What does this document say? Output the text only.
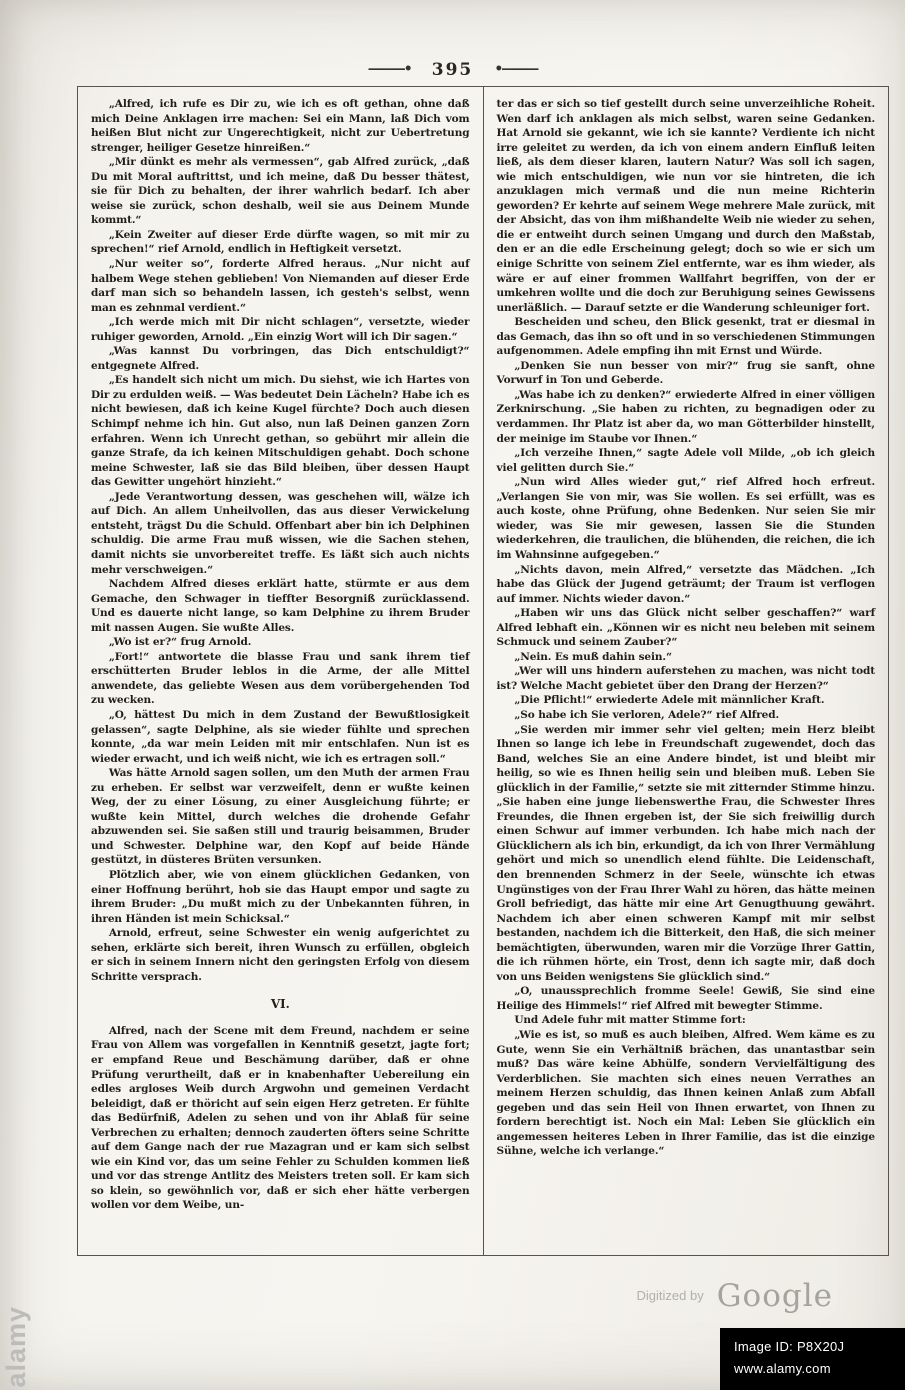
———• 395 •———

„Alfred, ich rufe es Dir zu, wie ich es oft gethan, ohne daß mich Deine Anklagen irre machen: Sei ein Mann, laß Dich vom heißen Blut nicht zur Ungerechtigkeit, nicht zur Uebertretung strenger, heiliger Gesetze hinreißen.“

„Mir dünkt es mehr als vermessen“, gab Alfred zurück, „daß Du mit Moral auftrittst, und ich meine, daß Du besser thätest, sie für Dich zu behalten, der ihrer wahrlich bedarf. Ich aber weise sie zurück, schon deshalb, weil sie aus Deinem Munde kommt.“

„Kein Zweiter auf dieser Erde dürfte wagen, so mit mir zu sprechen!“ rief Arnold, endlich in Heftigkeit versetzt.

„Nur weiter so“, forderte Alfred heraus. „Nur nicht auf halbem Wege stehen geblieben! Von Niemanden auf dieser Erde darf man sich so behandeln lassen, ich gesteh's selbst, wenn man es zehnmal verdient.“

„Ich werde mich mit Dir nicht schlagen“, versetzte, wieder ruhiger geworden, Arnold. „Ein einzig Wort will ich Dir sagen.“

„Was kannst Du vorbringen, das Dich entschuldigt?“ entgegnete Alfred.

„Es handelt sich nicht um mich. Du siehst, wie ich Hartes von Dir zu erdulden weiß. — Was bedeutet Dein Lächeln? Habe ich es nicht bewiesen, daß ich keine Kugel fürchte? Doch auch diesen Schimpf nehme ich hin. Gut also, nun laß Deinen ganzen Zorn erfahren. Wenn ich Unrecht gethan, so gebührt mir allein die ganze Strafe, da ich keinen Mitschuldigen gehabt. Doch schone meine Schwester, laß sie das Bild bleiben, über dessen Haupt das Gewitter ungehört hinzieht.“

„Jede Verantwortung dessen, was geschehen will, wälze ich auf Dich. An allem Unheilvollen, das aus dieser Verwickelung entsteht, trägst Du die Schuld. Offenbart aber bin ich Delphinen schuldig. Die arme Frau muß wissen, wie die Sachen stehen, damit nichts sie unvorbereitet treffe. Es läßt sich auch nichts mehr verschweigen.“

Nachdem Alfred dieses erklärt hatte, stürmte er aus dem Gemache, den Schwager in tieffter Besorgniß zurücklassend. Und es dauerte nicht lange, so kam Delphine zu ihrem Bruder mit nassen Augen. Sie wußte Alles.

„Wo ist er?“ frug Arnold.

„Fort!“ antwortete die blasse Frau und sank ihrem tief erschütterten Bruder leblos in die Arme, der alle Mittel anwendete, das geliebte Wesen aus dem vorübergehenden Tod zu wecken.

„O, hättest Du mich in dem Zustand der Bewußtlosigkeit gelassen“, sagte Delphine, als sie wieder fühlte und sprechen konnte, „da war mein Leiden mit mir entschlafen. Nun ist es wieder erwacht, und ich weiß nicht, wie ich es ertragen soll.“

Was hätte Arnold sagen sollen, um den Muth der armen Frau zu erheben. Er selbst war verzweifelt, denn er wußte keinen Weg, der zu einer Lösung, zu einer Ausgleichung führte; er wußte kein Mittel, durch welches die drohende Gefahr abzuwenden sei. Sie saßen still und traurig beisammen, Bruder und Schwester. Delphine war, den Kopf auf beide Hände gestützt, in düsteres Brüten versunken.

Plötzlich aber, wie von einem glücklichen Gedanken, von einer Hoffnung berührt, hob sie das Haupt empor und sagte zu ihrem Bruder: „Du mußt mich zu der Unbekannten führen, in ihren Händen ist mein Schicksal.“

Arnold, erfreut, seine Schwester ein wenig aufgerichtet zu sehen, erklärte sich bereit, ihren Wunsch zu erfüllen, obgleich er sich in seinem Innern nicht den geringsten Erfolg von diesem Schritte versprach.

VI.

Alfred, nach der Scene mit dem Freund, nachdem er seine Frau von Allem was vorgefallen in Kenntniß gesetzt, jagte fort; er empfand Reue und Beschämung darüber, daß er ohne Prüfung verurtheilt, daß er in knabenhafter Uebereilung ein edles argloses Weib durch Argwohn und gemeinen Verdacht beleidigt, daß er thöricht auf sein eigen Herz getreten. Er fühlte das Bedürfniß, Adelen zu sehen und von ihr Ablaß für seine Verbrechen zu erhalten; dennoch zauderten öfters seine Schritte auf dem Gange nach der rue Mazagran und er kam sich selbst wie ein Kind vor, das um seine Fehler zu Schulden kommen ließ und vor das strenge Antlitz des Meisters treten soll. Er kam sich so klein, so gewöhnlich vor, daß er sich eher hätte verbergen wollen vor dem Weibe, un-

ter das er sich so tief gestellt durch seine unverzeihliche Roheit. Wen darf ich anklagen als mich selbst, waren seine Gedanken. Hat Arnold sie gekannt, wie ich sie kannte? Verdiente ich nicht irre geleitet zu werden, da ich von einem andern Einfluß leiten ließ, als dem dieser klaren, lautern Natur? Was soll ich sagen, wie mich entschuldigen, wie nun vor sie hintreten, die ich anzuklagen mich vermaß und die nun meine Richterin geworden? Er kehrte auf seinem Wege mehrere Male zurück, mit der Absicht, das von ihm mißhandelte Weib nie wieder zu sehen, die er entweiht durch seinen Umgang und durch den Maßstab, den er an die edle Erscheinung gelegt; doch so wie er sich um einige Schritte von seinem Ziel entfernte, war es ihm wieder, als wäre er auf einer frommen Wallfahrt begriffen, von der er umkehren wollte und die doch zur Beruhigung seines Gewissens unerläßlich. — Darauf setzte er die Wanderung schleuniger fort.

Bescheiden und scheu, den Blick gesenkt, trat er diesmal in das Gemach, das ihn so oft und in so verschiedenen Stimmungen aufgenommen. Adele empfing ihn mit Ernst und Würde.

„Denken Sie nun besser von mir?“ frug sie sanft, ohne Vorwurf in Ton und Geberde.

„Was habe ich zu denken?“ erwiederte Alfred in einer völligen Zerknirschung. „Sie haben zu richten, zu begnadigen oder zu verdammen. Ihr Platz ist aber da, wo man Götterbilder hinstellt, der meinige im Staube vor Ihnen.“

„Ich verzeihe Ihnen,“ sagte Adele voll Milde, „ob ich gleich viel gelitten durch Sie.“

„Nun wird Alles wieder gut,“ rief Alfred hoch erfreut. „Verlangen Sie von mir, was Sie wollen. Es sei erfüllt, was es auch koste, ohne Prüfung, ohne Bedenken. Nur seien Sie mir wieder, was Sie mir gewesen, lassen Sie die Stunden wiederkehren, die traulichen, die blühenden, die reichen, die ich im Wahnsinne aufgegeben.“

„Nichts davon, mein Alfred,“ versetzte das Mädchen. „Ich habe das Glück der Jugend geträumt; der Traum ist verflogen auf immer. Nichts wieder davon.“

„Haben wir uns das Glück nicht selber geschaffen?“ warf Alfred lebhaft ein. „Können wir es nicht neu beleben mit seinem Schmuck und seinem Zauber?“

„Nein. Es muß dahin sein.“

„Wer will uns hindern auferstehen zu machen, was nicht todt ist? Welche Macht gebietet über den Drang der Herzen?“

„Die Pflicht!“ erwiederte Adele mit männlicher Kraft.

„So habe ich Sie verloren, Adele?“ rief Alfred.

„Sie werden mir immer sehr viel gelten; mein Herz bleibt Ihnen so lange ich lebe in Freundschaft zugewendet, doch das Band, welches Sie an eine Andere bindet, ist und bleibt mir heilig, so wie es Ihnen heilig sein und bleiben muß. Leben Sie glücklich in der Familie,“ setzte sie mit zitternder Stimme hinzu. „Sie haben eine junge liebenswerthe Frau, die Schwester Ihres Freundes, die Ihnen ergeben ist, der Sie sich freiwillig durch einen Schwur auf immer verbunden. Ich habe mich nach der Glücklichern als ich bin, erkundigt, da ich von Ihrer Vermählung gehört und mich so unendlich elend fühlte. Die Leidenschaft, den brennenden Schmerz in der Seele, wünschte ich etwas Ungünstiges von der Frau Ihrer Wahl zu hören, das hätte meinen Groll befriedigt, das hätte mir eine Art Genugthuung gewährt. Nachdem ich aber einen schweren Kampf mit mir selbst bestanden, nachdem ich die Bitterkeit, den Haß, die sich meiner bemächtigten, überwunden, waren mir die Vorzüge Ihrer Gattin, die ich rühmen hörte, ein Trost, denn ich sagte mir, daß doch von uns Beiden wenigstens Sie glücklich sind.“

„O, unaussprechlich fromme Seele! Gewiß, Sie sind eine Heilige des Himmels!“ rief Alfred mit bewegter Stimme.

Und Adele fuhr mit matter Stimme fort:

„Wie es ist, so muß es auch bleiben, Alfred. Wem käme es zu Gute, wenn Sie ein Verhältniß brächen, das unantastbar sein muß? Das wäre keine Abhülfe, sondern Vervielfältigung des Verderblichen. Sie machten sich eines neuen Verrathes an meinem Herzen schuldig, das Ihnen keinen Anlaß zum Abfall gegeben und das sein Heil von Ihnen erwartet, von Ihnen zu fordern berechtigt ist. Noch ein Mal: Leben Sie glücklich ein angemessen heiteres Leben in Ihrer Familie, das ist die einzige Sühne, welche ich verlange.“

$^{Digitized by}$ Google
alamy	Image ID: P8X20J
www.alamy.com
